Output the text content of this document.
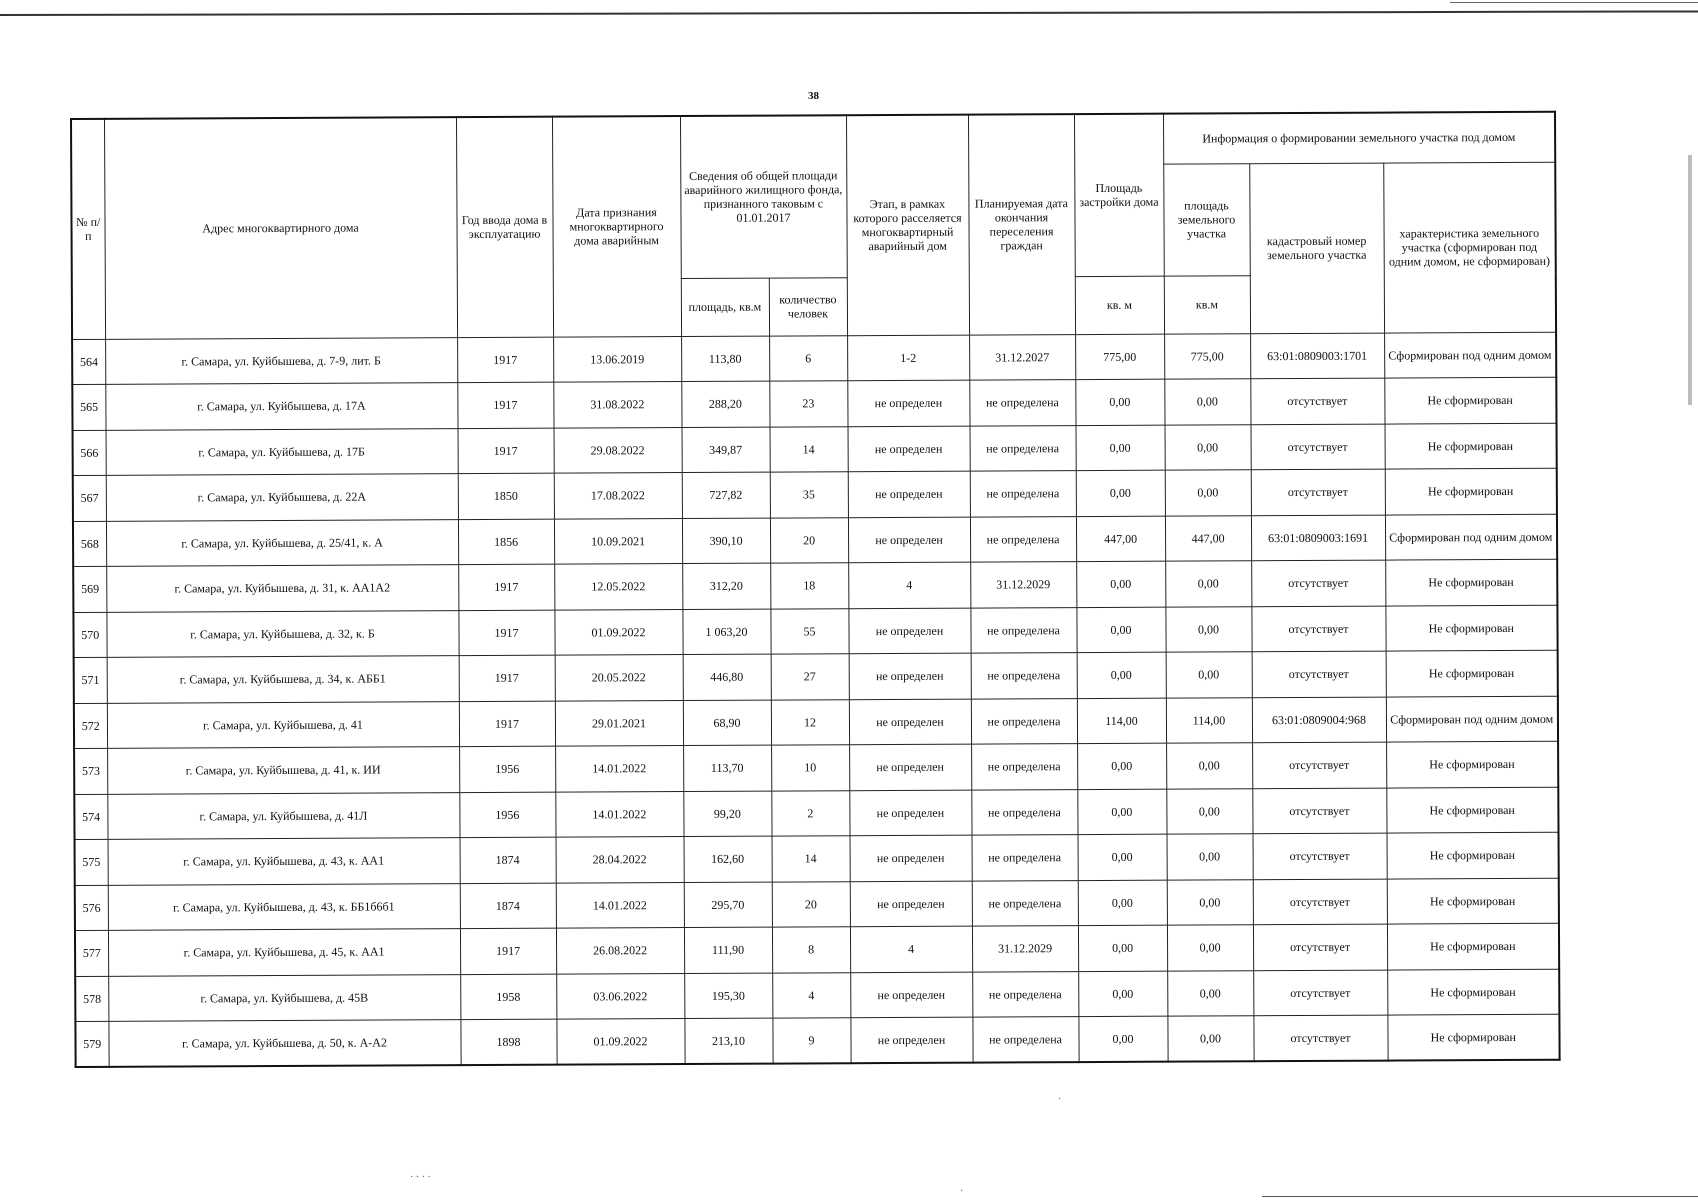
38
№ п/п	Адрес многоквартирного дома	Год ввода дома в эксплуатацию	Дата признания многоквартирного дома аварийным	Сведения об общей площади аварийного жилищного фонда, признанного таковым с 01.01.2017		Этап, в рамках которого расселяется многоквартирный аварийный дом	Планируемая дата окончания переселения граждан	Площадь застройки дома	Информация о формировании земельного участка под домом		
									площадь земельного участка	кадастровый номер земельного участка	характеристика земельного участка (сформирован под одним домом, не сформирован)
				площадь, кв.м	количество человек			кв. м	кв.м		
564	г. Самара, ул. Куйбышева, д. 7-9, лит. Б	1917	13.06.2019	113,80	6	1-2	31.12.2027	775,00	775,00	63:01:0809003:1701	Сформирован под одним домом
565	г. Самара, ул. Куйбышева, д. 17А	1917	31.08.2022	288,20	23	не определен	не определена	0,00	0,00	отсутствует	Не сформирован
566	г. Самара, ул. Куйбышева, д. 17Б	1917	29.08.2022	349,87	14	не определен	не определена	0,00	0,00	отсутствует	Не сформирован
567	г. Самара, ул. Куйбышева, д. 22А	1850	17.08.2022	727,82	35	не определен	не определена	0,00	0,00	отсутствует	Не сформирован
568	г. Самара, ул. Куйбышева, д. 25/41, к. А	1856	10.09.2021	390,10	20	не определен	не определена	447,00	447,00	63:01:0809003:1691	Сформирован под одним домом
569	г. Самара, ул. Куйбышева, д. 31, к. АА1А2	1917	12.05.2022	312,20	18	4	31.12.2029	0,00	0,00	отсутствует	Не сформирован
570	г. Самара, ул. Куйбышева, д. 32, к. Б	1917	01.09.2022	1 063,20	55	не определен	не определена	0,00	0,00	отсутствует	Не сформирован
571	г. Самара, ул. Куйбышева, д. 34, к. АББ1	1917	20.05.2022	446,80	27	не определен	не определена	0,00	0,00	отсутствует	Не сформирован
572	г. Самара, ул. Куйбышева, д. 41	1917	29.01.2021	68,90	12	не определен	не определена	114,00	114,00	63:01:0809004:968	Сформирован под одним домом
573	г. Самара, ул. Куйбышева, д. 41, к. ИИ	1956	14.01.2022	113,70	10	не определен	не определена	0,00	0,00	отсутствует	Не сформирован
574	г. Самара, ул. Куйбышева, д. 41Л	1956	14.01.2022	99,20	2	не определен	не определена	0,00	0,00	отсутствует	Не сформирован
575	г. Самара, ул. Куйбышева, д. 43, к. АА1	1874	28.04.2022	162,60	14	не определен	не определена	0,00	0,00	отсутствует	Не сформирован
576	г. Самара, ул. Куйбышева, д. 43, к. ББ1б6б1	1874	14.01.2022	295,70	20	не определен	не определена	0,00	0,00	отсутствует	Не сформирован
577	г. Самара, ул. Куйбышева, д. 45, к. АА1	1917	26.08.2022	111,90	8	4	31.12.2029	0,00	0,00	отсутствует	Не сформирован
578	г. Самара, ул. Куйбышева, д. 45В	1958	03.06.2022	195,30	4	не определен	не определена	0,00	0,00	отсутствует	Не сформирован
579	г. Самара, ул. Куйбышева, д. 50, к. А-А2	1898	01.09.2022	213,10	9	не определен	не определена	0,00	0,00	отсутствует	Не сформирован
· · · ·
·
·
